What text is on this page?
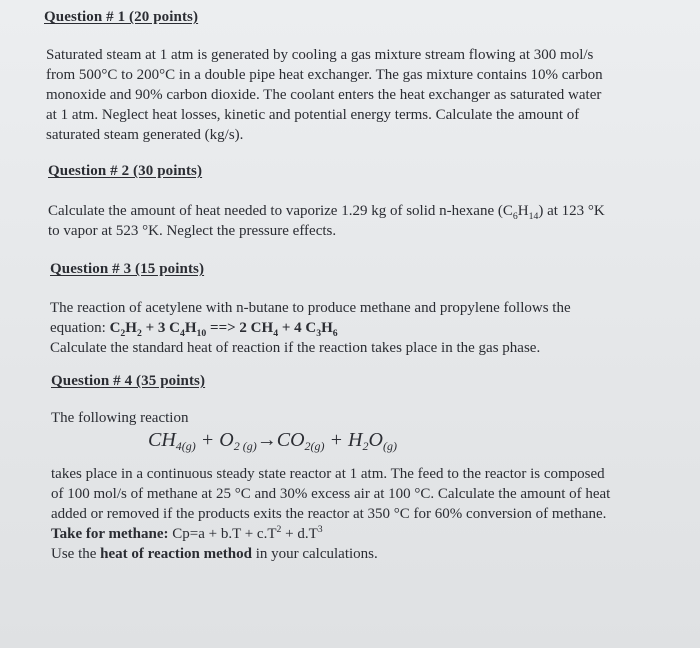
Question # 1 (20 points)
Saturated steam at 1 atm is generated by cooling a gas mixture stream flowing at 300 mol/s
from 500°C to 200°C in a double pipe heat exchanger. The gas mixture contains 10% carbon
monoxide and 90% carbon dioxide. The coolant enters the heat exchanger as saturated water
at 1 atm. Neglect heat losses, kinetic and potential energy terms. Calculate the amount of
saturated steam generated (kg/s).
Question # 2 (30 points)
Calculate the amount of heat needed to vaporize 1.29 kg of solid n-hexane $(C_6H_{14})$ at 123 °K
to vapor at 523 °K. Neglect the pressure effects.
Question # 3 (15 points)
The reaction of acetylene with n-butane to produce methane and propylene follows the
equation: $C_2H_2 + 3$ $C_4H_{10}$ ==> 2 $CH_4 + 4$ $C_3H_6$
Calculate the standard heat of reaction if the reaction takes place in the gas phase.
Question # 4 (35 points)
The following reaction
$CH_{4(g)} + O_{2 (g)}\to CO_{2(g)} + H_2O_{(g)}$
takes place in a continuous steady state reactor at 1 atm. The feed to the reactor is composed
of 100 mol/s of methane at 25 °C and 30% excess air at 100 °C. Calculate the amount of heat
added or removed if the products exits the reactor at 350 °C for 60% conversion of methane.
Take for methane: $Cp=a + b.T + c.T^2 + d.T^3$
Use the heat of reaction method in your calculations.
